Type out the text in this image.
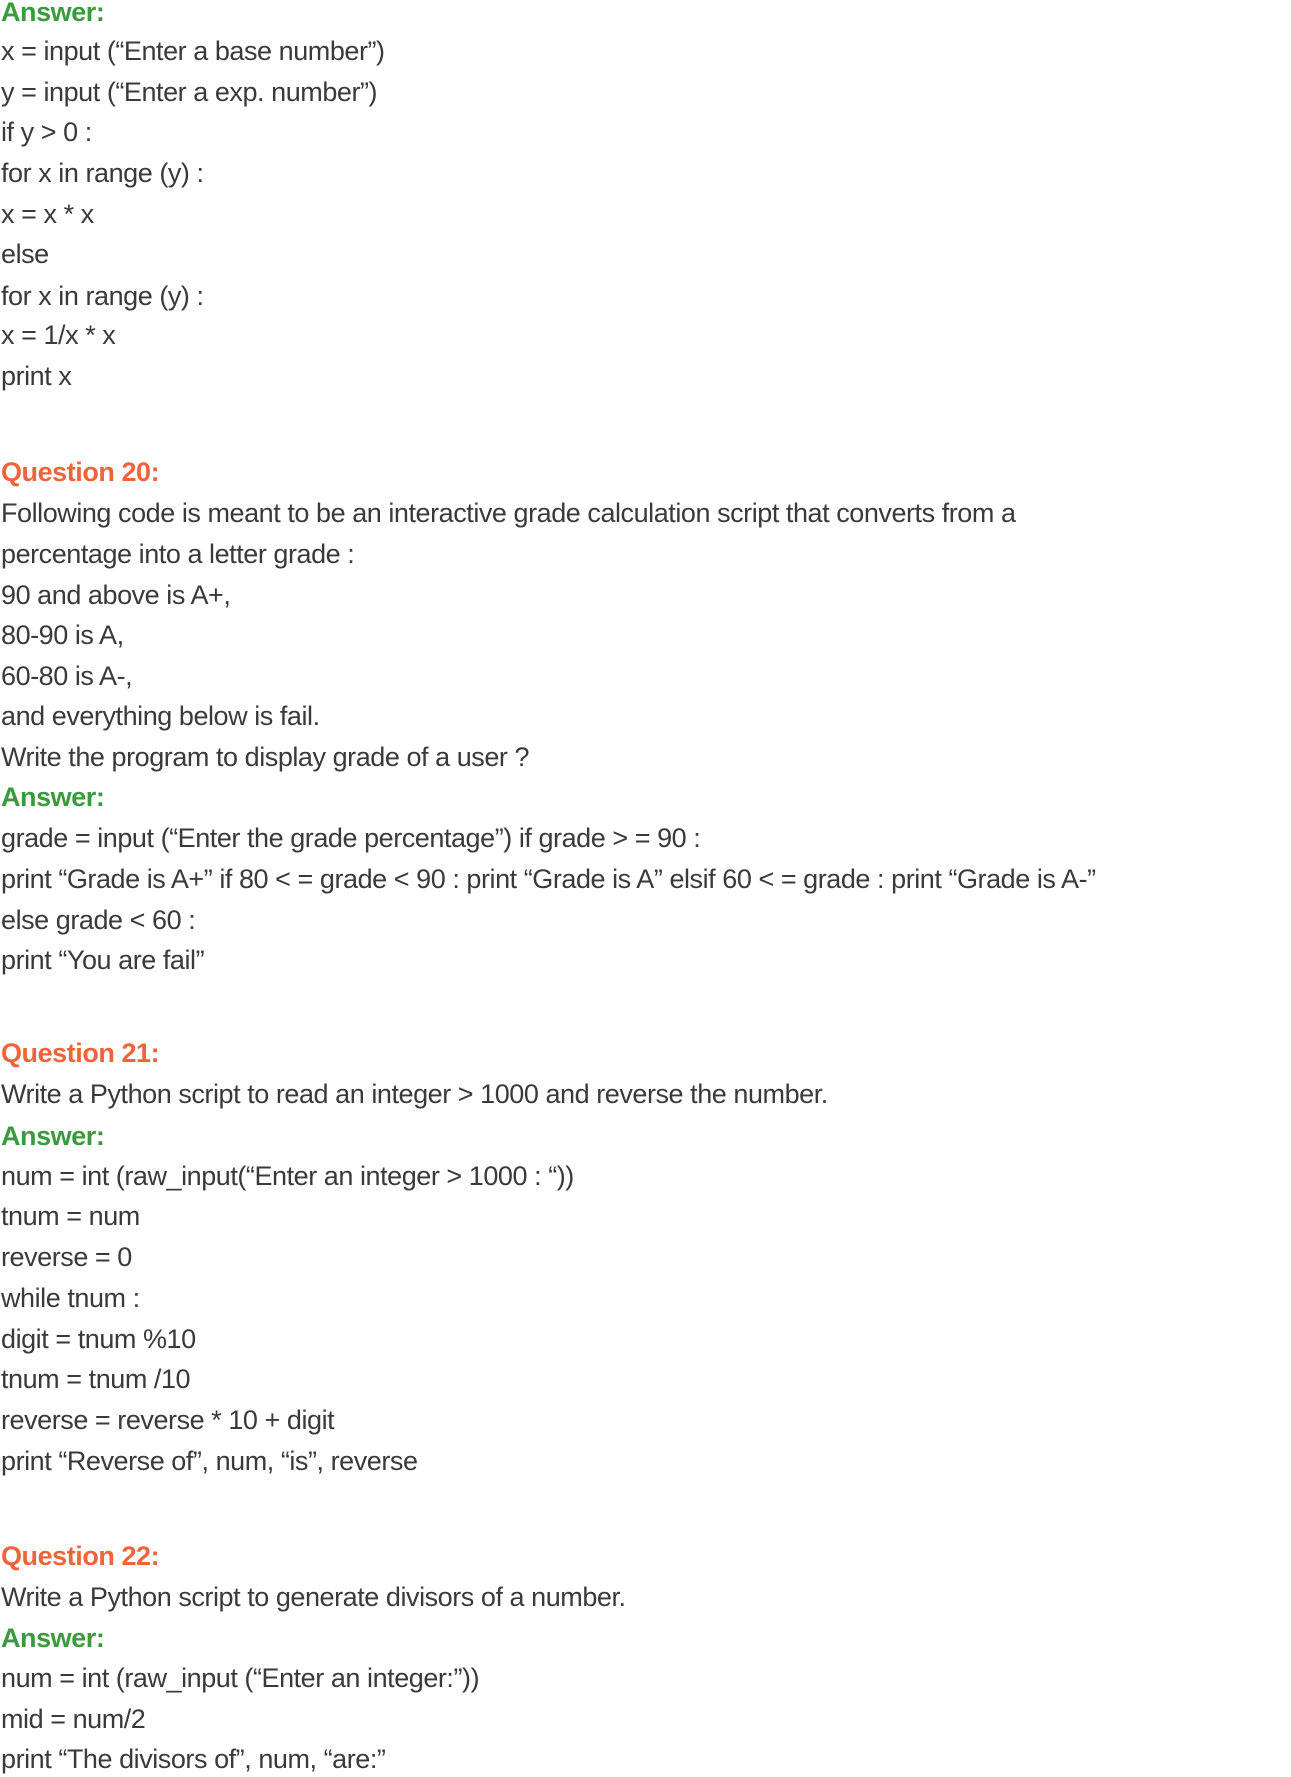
Answer:
x = input (“Enter a base number”)
y = input (“Enter a exp. number”)
if y > 0 :
for x in range (y) :
x = x * x
else
for x in range (y) :
x = 1/x * x
print x
Question 20:
Following code is meant to be an interactive grade calculation script that converts from a
percentage into a letter grade :
90 and above is A+,
80-90 is A,
60-80 is A-,
and everything below is fail.
Write the program to display grade of a user ?
Answer:
grade = input (“Enter the grade percentage”) if grade > = 90 :
print “Grade is A+” if 80 < = grade < 90 : print “Grade is A” elsif 60 < = grade : print “Grade is A-”
else grade < 60 :
print “You are fail”
Question 21:
Write a Python script to read an integer > 1000 and reverse the number.
Answer:
num = int (raw_input(“Enter an integer > 1000 : “))
tnum = num
reverse = 0
while tnum :
digit = tnum %10
tnum = tnum /10
reverse = reverse * 10 + digit
print “Reverse of”, num, “is”, reverse
Question 22:
Write a Python script to generate divisors of a number.
Answer:
num = int (raw_input (“Enter an integer:”))
mid = num/2
print “The divisors of”, num, “are:”
